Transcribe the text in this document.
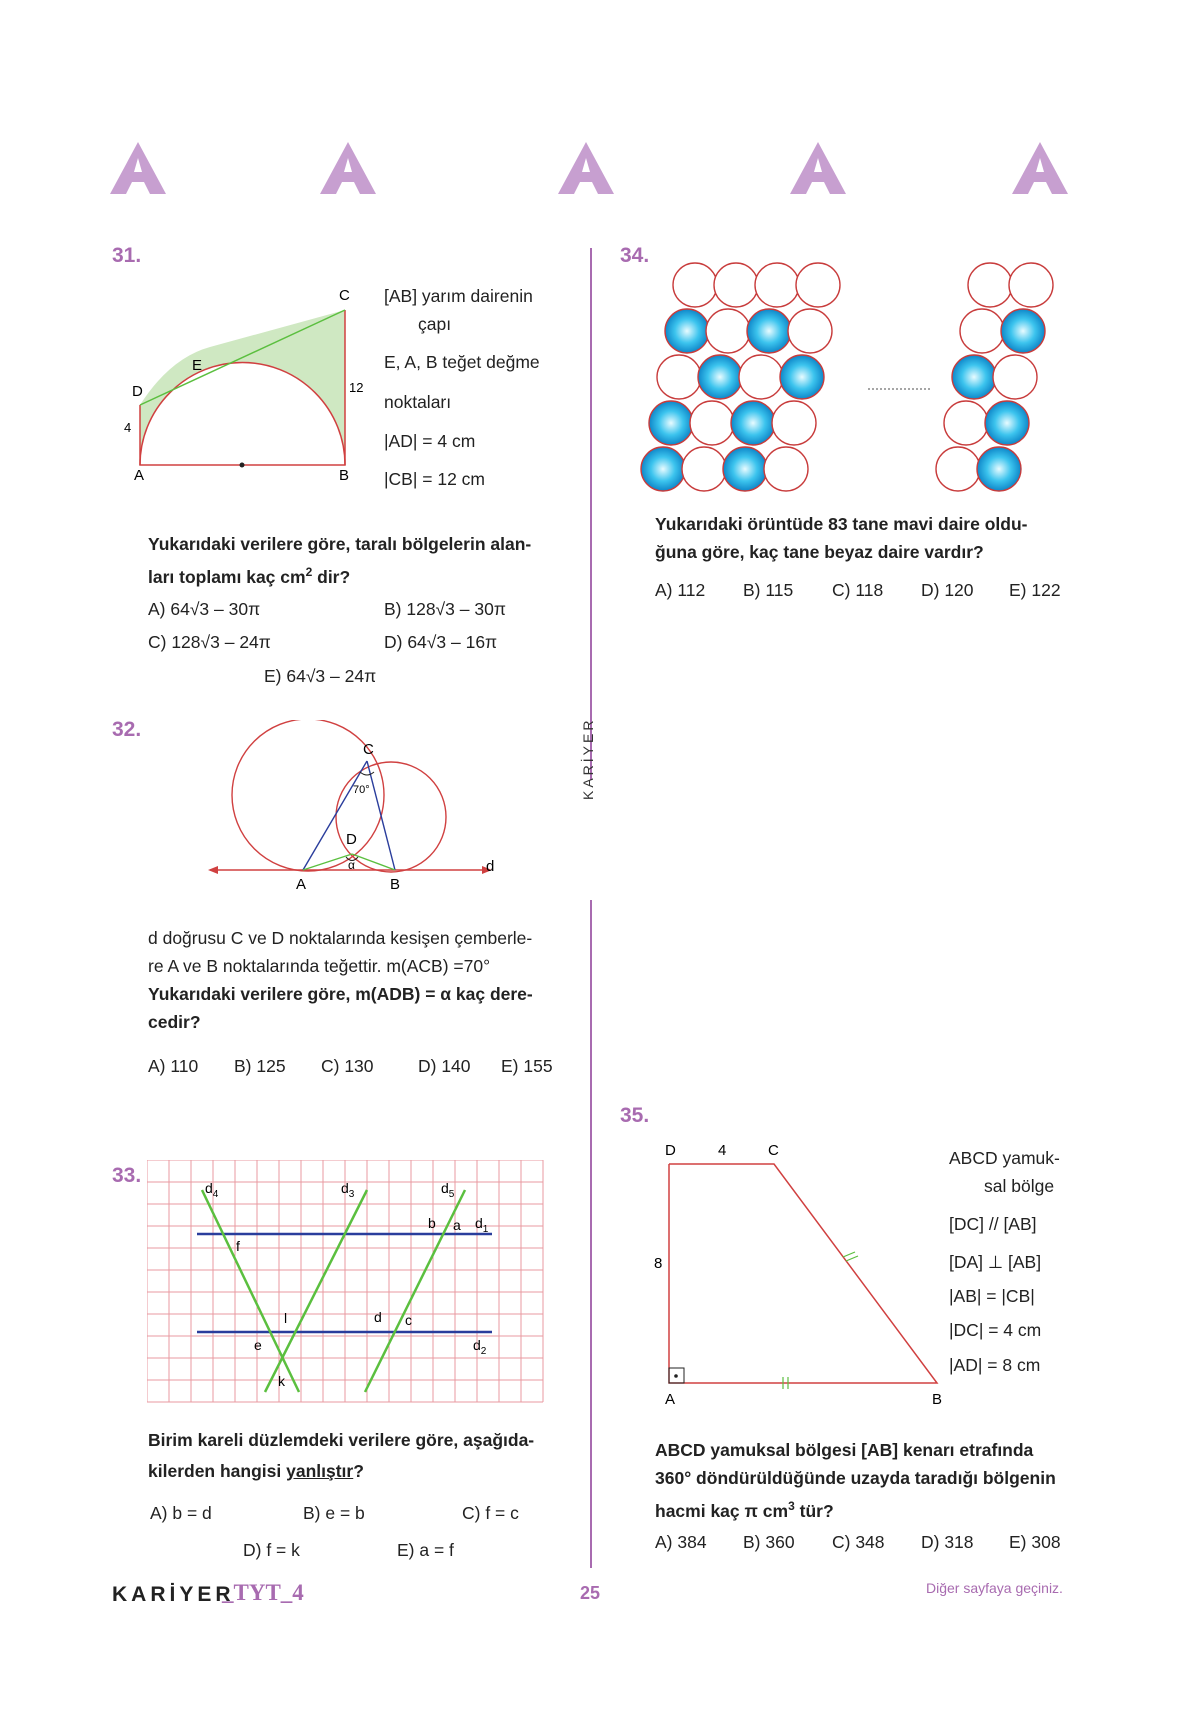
KARİYER
31.
A	B
C
D
E
4
12
[AB] yarım dairenin
çapı
E, A, B teğet değme
noktaları
|AD| = 4 cm
|CB| = 12 cm
Yukarıdaki verilere göre, taralı bölgelerin alan-
ları toplamı kaç $cm^2$ dir?
A) 64√3 – 30π	B) 128√3 – 30π
C) 128√3 – 24π	D) 64√3 – 16π
E) 64√3 – 24π
32.
C
D
A	B
d
70°
α
d doğrusu C ve D noktalarında kesişen çemberle-
re A ve B noktalarında teğettir. m(ACB) =70°
Yukarıdaki verilere göre, m(ADB) = α kaç dere-
cedir?
A) 110 B) 125 C) 130	D) 140 E) 155
33.
$d_4$	$d_3$	$d_5$
$d_1$
$d_2$
a
b
c
d
e
f
k
l
Birim kareli düzlemdeki verilere göre, aşağıda-
kilerden hangisi yanlıştır?
A) b = d	B) e = b	C) f = c
D) f = k	E) a = f
34.
Yukarıdaki örüntüde 83 tane mavi daire oldu-
ğuna göre, kaç tane beyaz daire vardır?
A) 112 B) 115 C) 118 D) 120 E) 122
35.
D	C
A	B
4
8
ABCD yamuk-
sal bölge
[DC] // [AB]
[DA] ⊥ [AB]
|AB| = |CB|
|DC| = 4 cm
|AD| = 8 cm
ABCD yamuksal bölgesi [AB] kenarı etrafında
360° döndürüldüğünde uzayda taradığı bölgenin
hacmi kaç π $cm^3$ tür?
A) 384 B) 360 C) 348 D) 318 E) 308
KARİYER
_TYT_4	25	Diğer sayfaya geçiniz.
